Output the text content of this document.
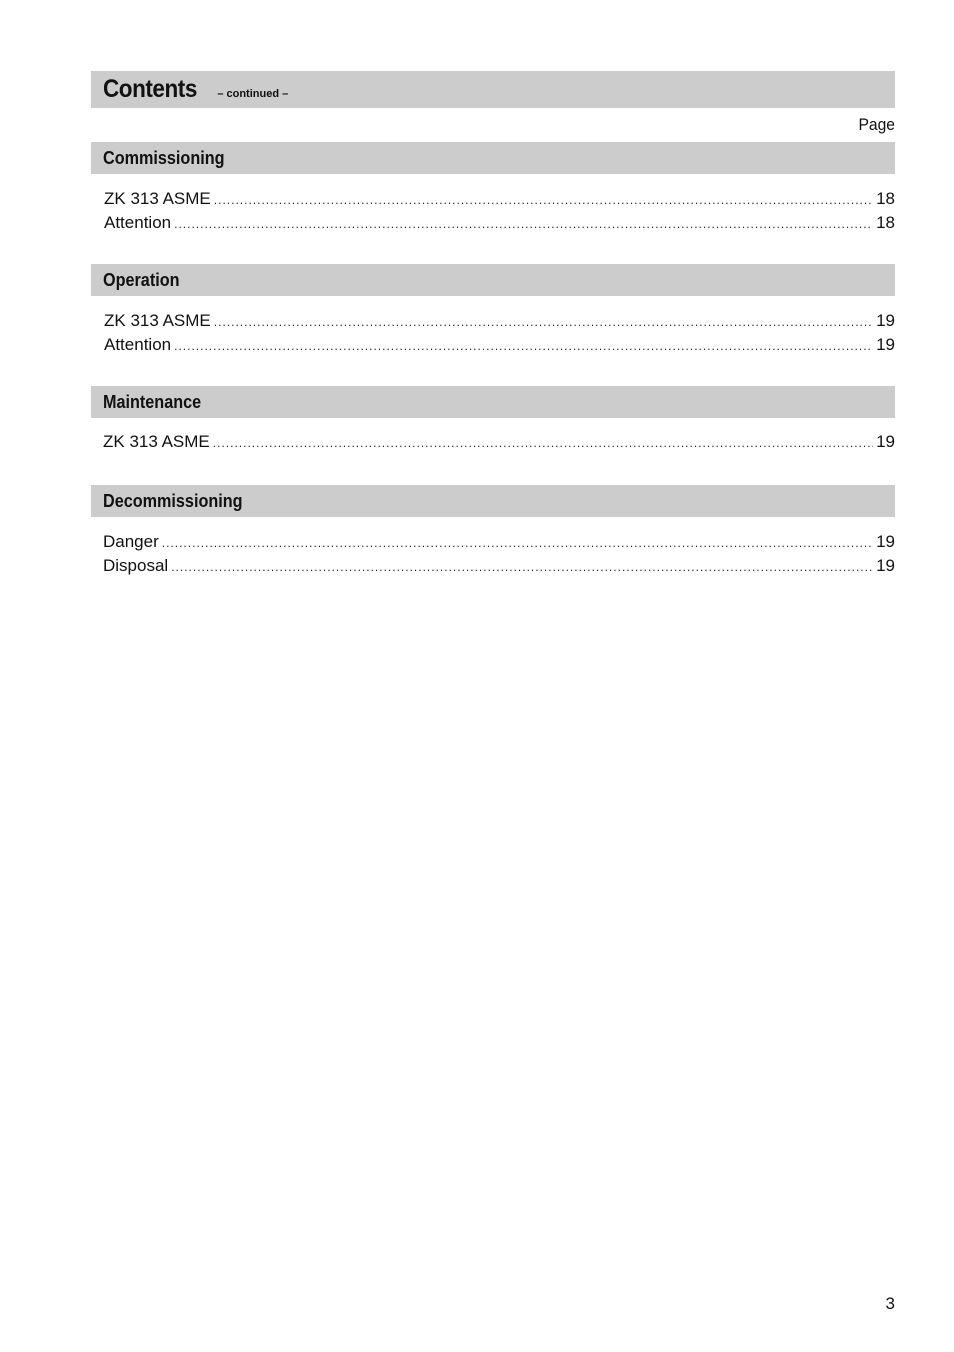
Contents – continued –
Page
Commissioning
ZK 313 ASME .....	18
Attention .....	18
Operation
ZK 313 ASME .....	19
Attention .....	19
Maintenance
ZK 313 ASME .....	19
Decommissioning
Danger .....	19
Disposal .....	19
3
